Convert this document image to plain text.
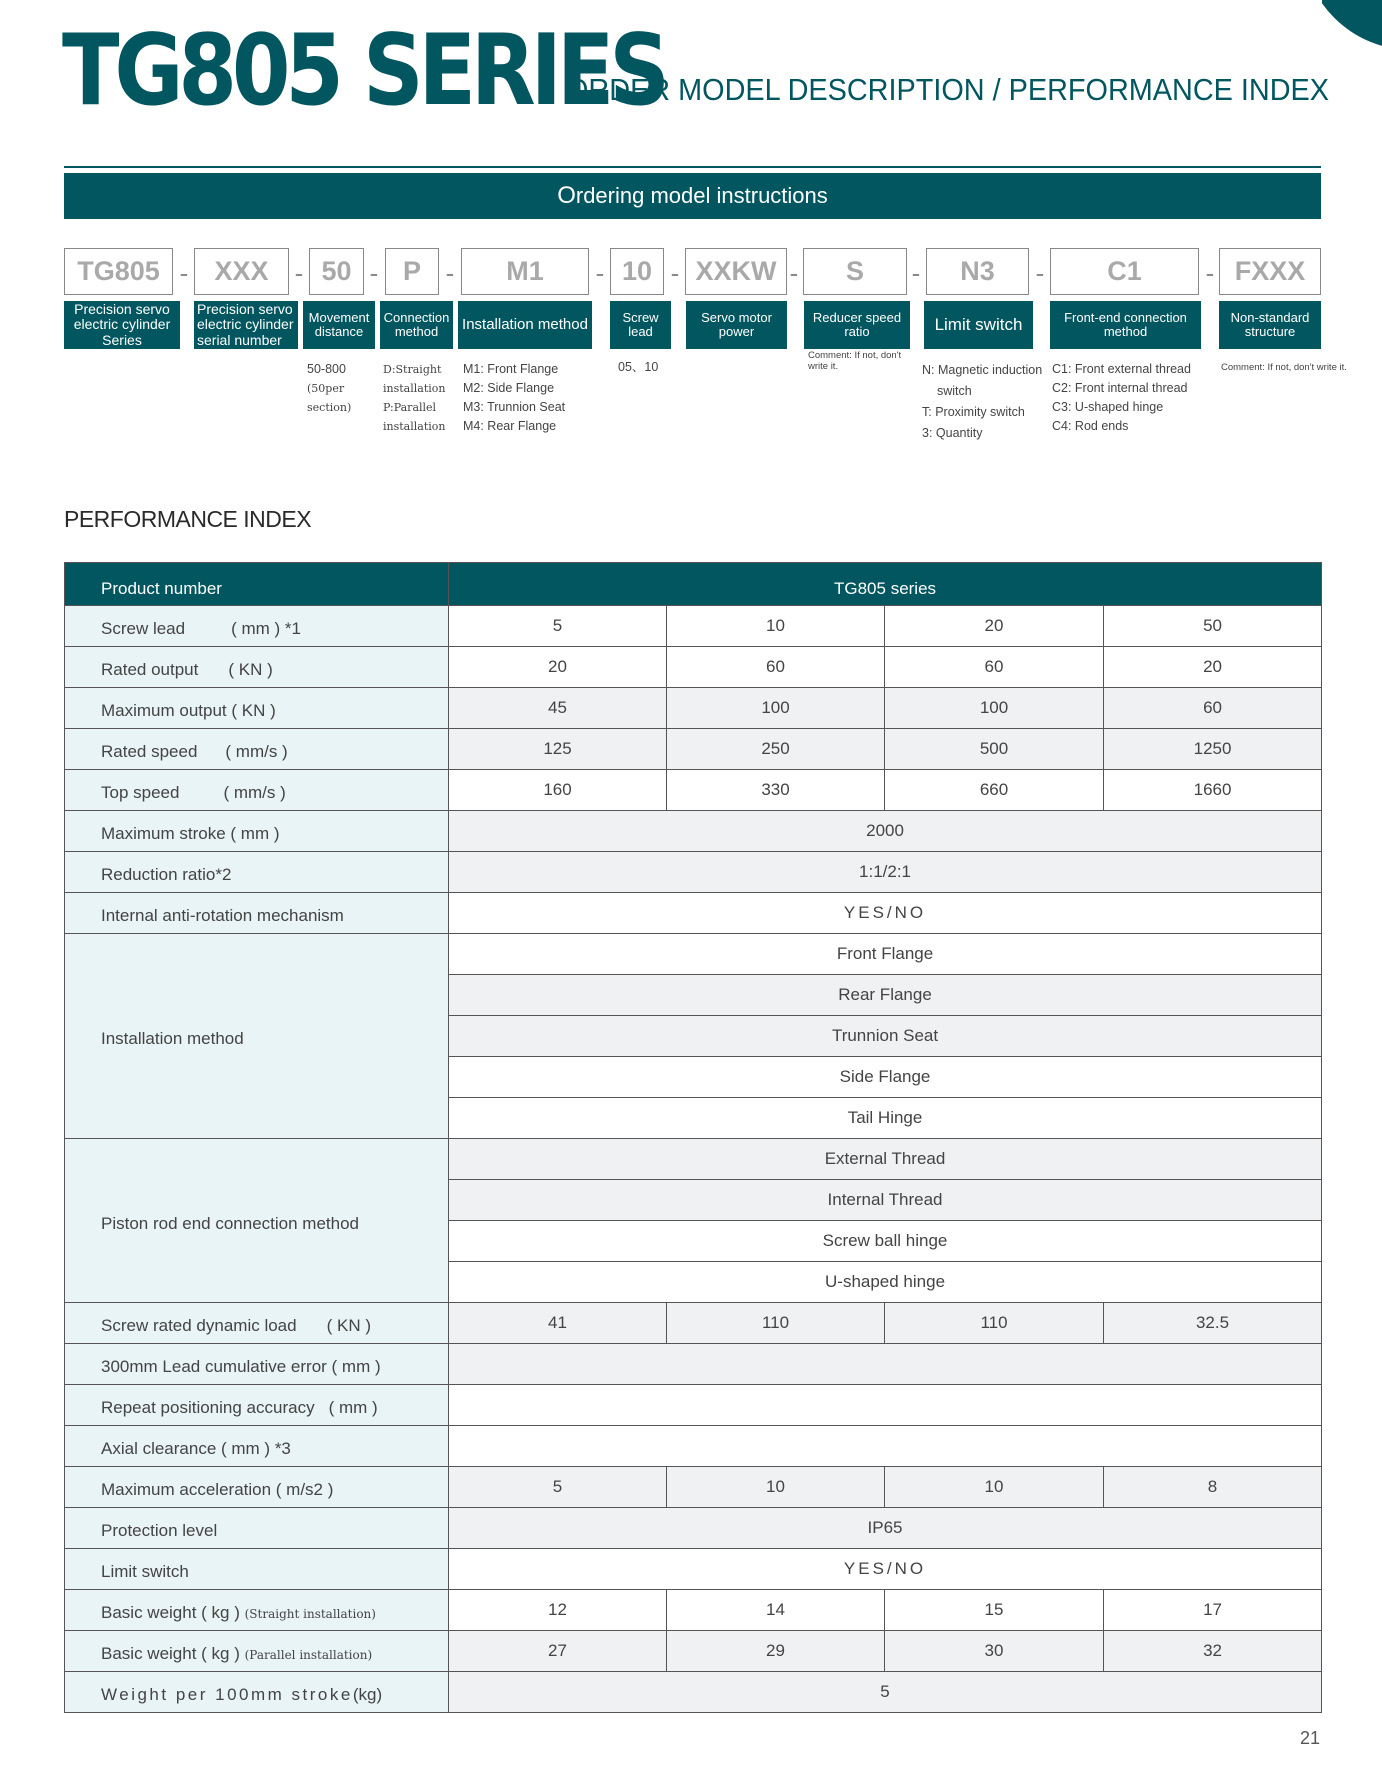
TG805 SERIES
ORDER MODEL DESCRIPTION / PERFORMANCE INDEX
O rdering model instructions
TG805 - XXX	- 50 - P -	M1	- 10 - XXKW -	S	-	N3	-	C1	- FXXX
Precision servo electric cylinder Series
Precision servo electric cylinder serial number
Movement distance
Connection method	Installation method	Screw lead
Servo motor power
Reducer speed ratio	Limit switch	Front-end connection method
Non-standard structure
50-800
(50per
section)
D:Straight
installation
P:Parallel
installation
M1: Front Flange
M2: Side Flange
M3: Trunnion Seat
M4: Rear Flange
05、10
Comment: If not, don't write it.	N: Magnetic induction
switch
T: Proximity switch
3: Quantity
C1: Front external thread
C2: Front internal thread
C3: U-shaped hinge
C4: Rod ends
Comment: If not, don't write it.
PERFORMANCE INDEX
Product number	TG805 series			
Screw lead ( mm ) *1	5	10	20	50
Rated output ( KN )	20	60	60	20
Maximum output ( KN )	45	100	100	60
Rated speed ( mm/s )	125	250	500	1250
Top speed ( mm/s )	160	330	660	1660
Maximum stroke ( mm )	2000			
Reduction ratio*2	1:1/2:1			
Internal anti-rotation mechanism	YES/NO			
Installation method	Front Flange			
	Rear Flange			
	Trunnion Seat			
	Side Flange			
	Tail Hinge			
Piston rod end connection method	External Thread			
	Internal Thread			
	Screw ball hinge			
	U-shaped hinge			
Screw rated dynamic load ( KN )	41	110	110	32.5
300mm Lead cumulative error ( mm )				
Repeat positioning accuracy ( mm )				
Axial clearance ( mm ) *3				
Maximum acceleration ( m/s2 )	5	10	10	8
Protection level	IP65			
Limit switch	YES/NO			
Basic weight ( kg ) (Straight installation)	12	14	15	17
Basic weight ( kg ) (Parallel installation)	27	29	30	32
Weight per 100mm stroke(kg)	5			
21
